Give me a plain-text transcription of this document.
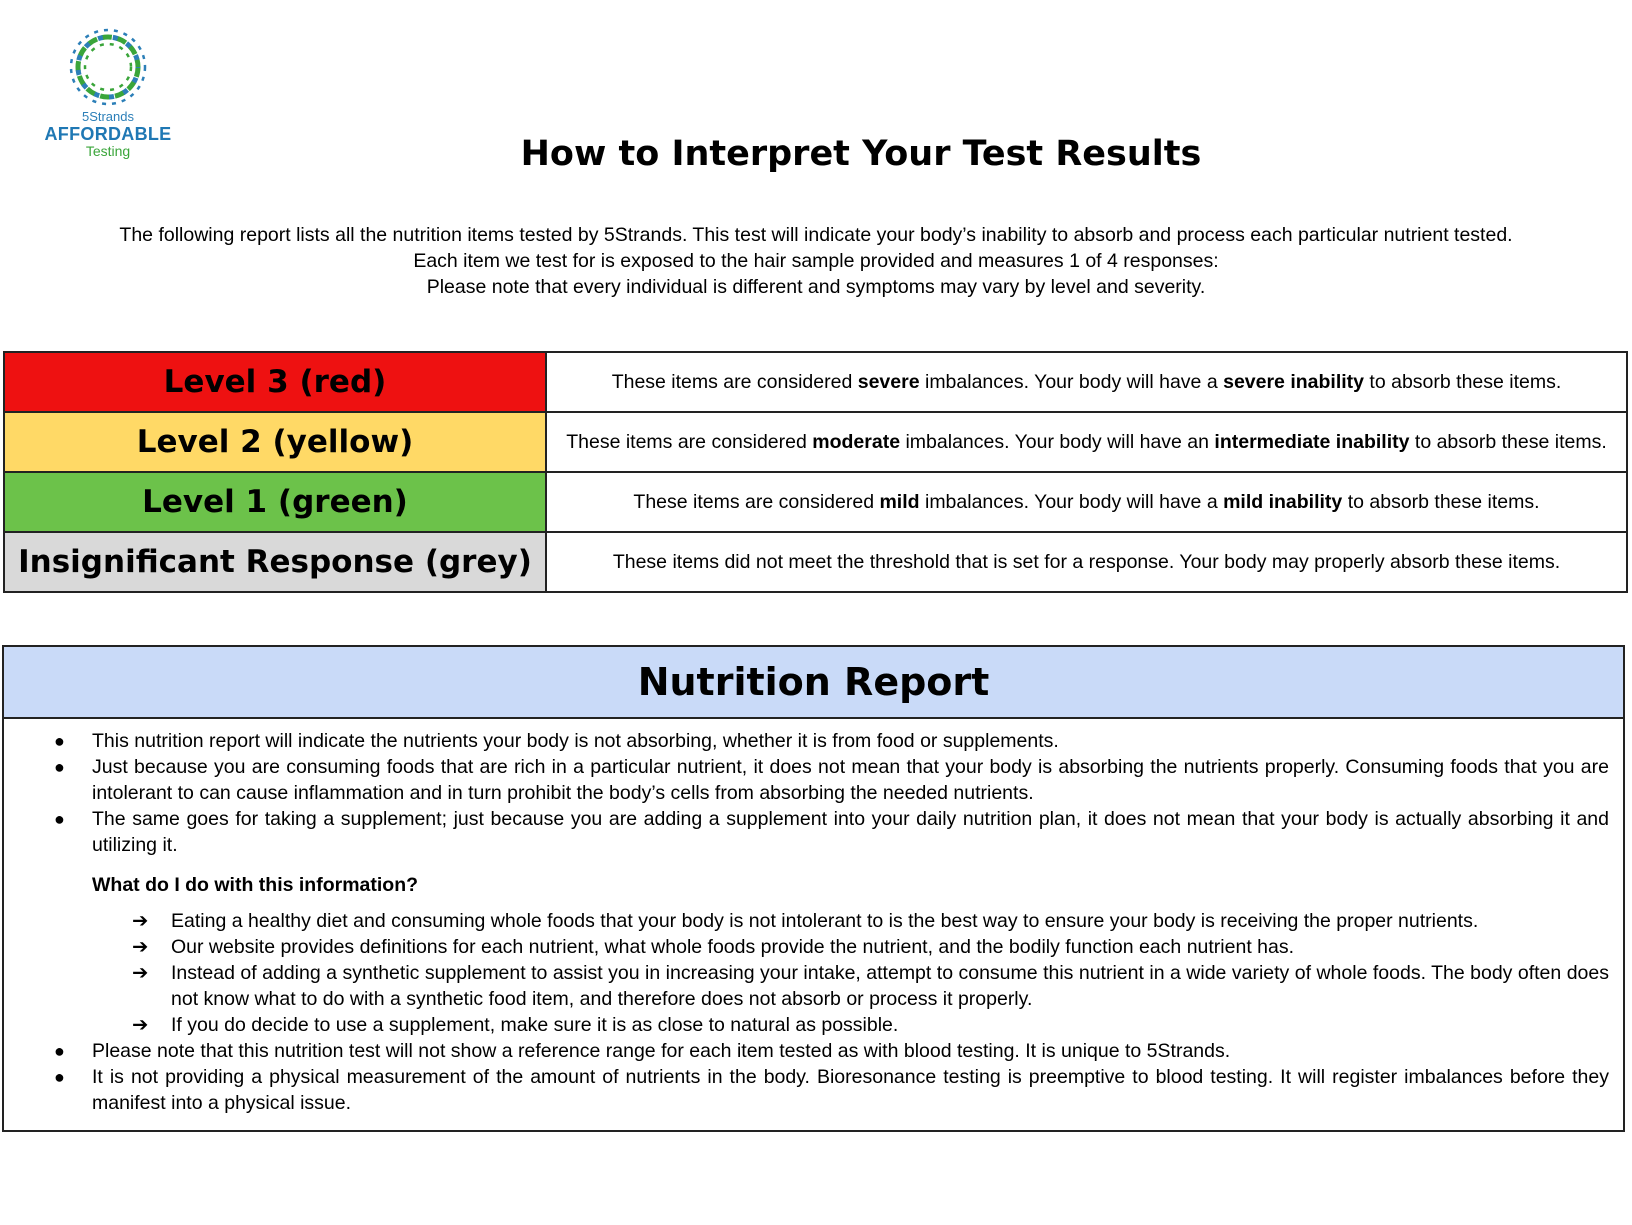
5Strands
AFFORDABLE
Testing	How to Interpret Your Test Results

The following report lists all the nutrition items tested by 5Strands. This test will indicate your body’s inability to absorb and process each particular nutrient tested.

Each item we test for is exposed to the hair sample provided and measures 1 of 4 responses:

Please note that every individual is different and symptoms may vary by level and severity.

Level 3 (red)	These items are considered severe imbalances. Your body will have a severe inability to absorb these items.
Level 2 (yellow)	These items are considered moderate imbalances. Your body will have an intermediate inability to absorb these items.
Level 1 (green)	These items are considered mild imbalances. Your body will have a mild inability to absorb these items.
Insignificant Response (grey)	These items did not meet the threshold that is set for a response. Your body may properly absorb these items.
Nutrition Report
● This nutrition report will indicate the nutrients your body is not absorbing, whether it is from food or supplements.
● Just because you are consuming foods that are rich in a particular nutrient, it does not mean that your body is absorbing the nutrients properly. Consuming foods that you are intolerant to can cause inflammation and in turn prohibit the body’s cells from absorbing the needed nutrients.
● The same goes for taking a supplement; just because you are adding a supplement into your daily nutrition plan, it does not mean that your body is actually absorbing it and utilizing it.
What do I do with this information?
➔ Eating a healthy diet and consuming whole foods that your body is not intolerant to is the best way to ensure your body is receiving the proper nutrients.
➔ Our website provides definitions for each nutrient, what whole foods provide the nutrient, and the bodily function each nutrient has.
➔ Instead of adding a synthetic supplement to assist you in increasing your intake, attempt to consume this nutrient in a wide variety of whole foods. The body often does not know what to do with a synthetic food item, and therefore does not absorb or process it properly.
➔ If you do decide to use a supplement, make sure it is as close to natural as possible.
● Please note that this nutrition test will not show a reference range for each item tested as with blood testing. It is unique to 5Strands.
● It is not providing a physical measurement of the amount of nutrients in the body. Bioresonance testing is preemptive to blood testing. It will register imbalances before they manifest into a physical issue.
